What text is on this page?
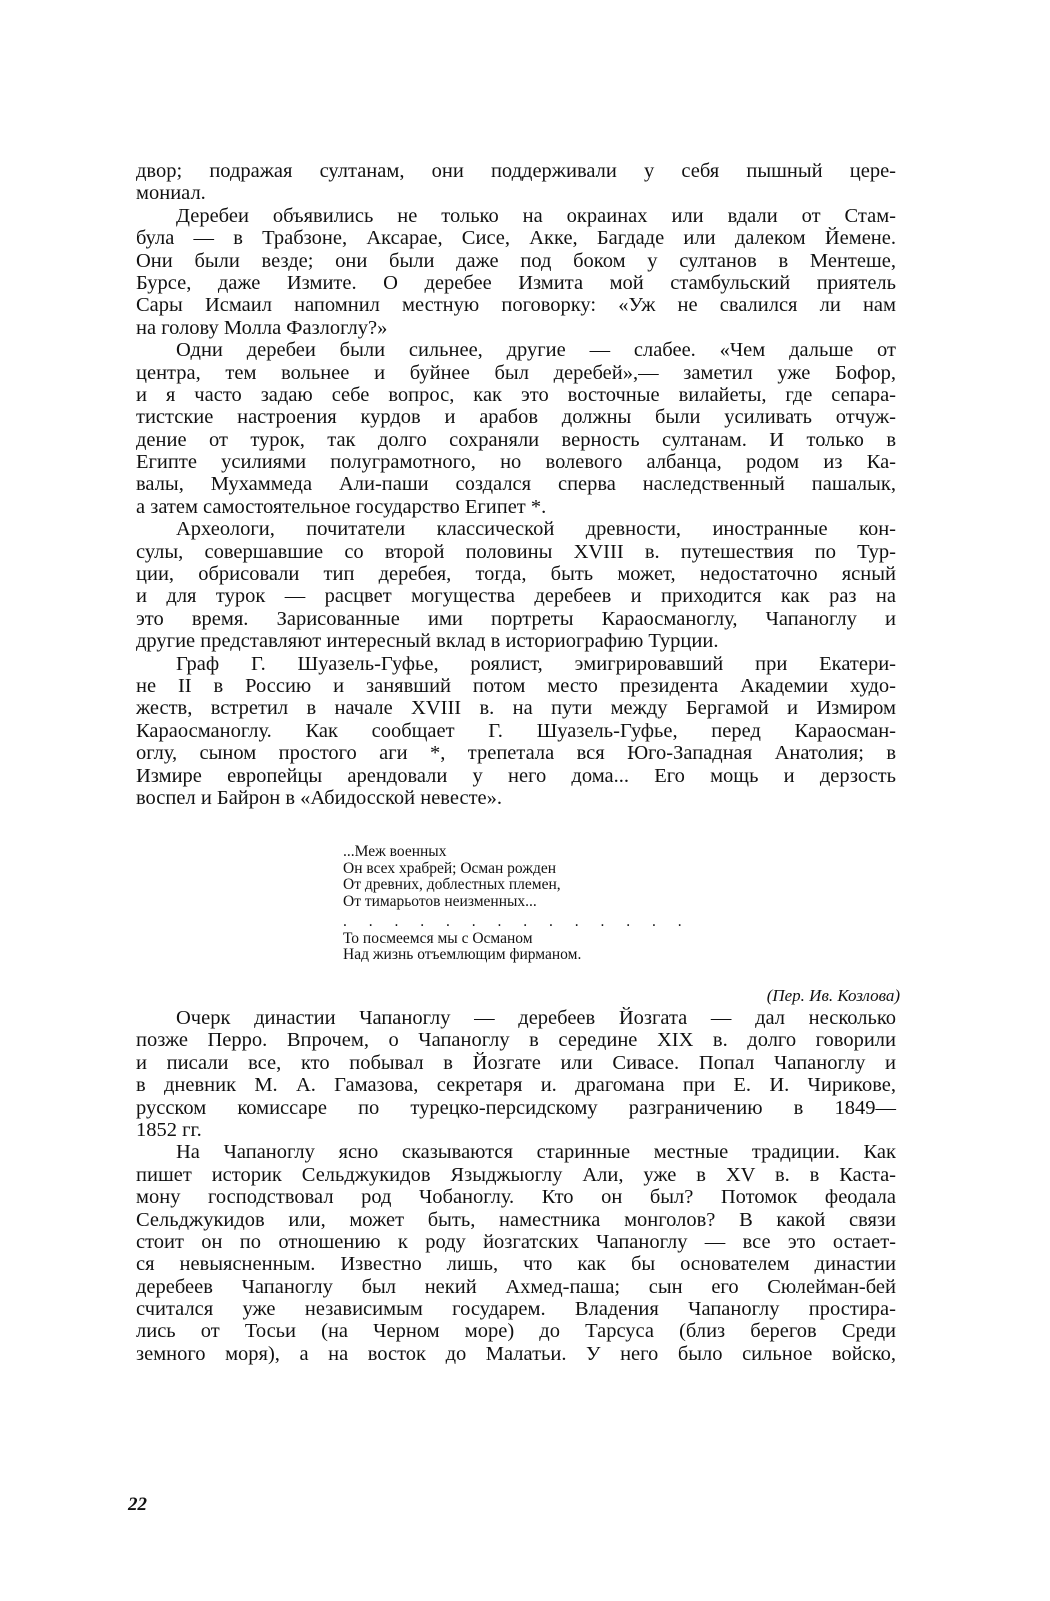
двор; подражая султанам, они поддерживали у себя пышный цере-
мониал.
Деребеи объявились не только на окраинах или вдали от Стам-
була — в Трабзоне, Аксарае, Сисе, Акке, Багдаде или далеком Йемене.
Они были везде; они были даже под боком у султанов в Ментеше,
Бурсе, даже Измите. О деребее Измита мой стамбульский приятель
Сары Исмаил напомнил местную поговорку: «Уж не свалился ли нам
на голову Молла Фазлоглу?»
Одни деребеи были сильнее, другие — слабее. «Чем дальше от
центра, тем вольнее и буйнее был деребей»,— заметил уже Бофор,
и я часто задаю себе вопрос, как это восточные вилайеты, где сепара-
тистские настроения курдов и арабов должны были усиливать отчуж-
дение от турок, так долго сохраняли верность султанам. И только в
Египте усилиями полуграмотного, но волевого албанца, родом из Ка-
валы, Мухаммеда Али-паши создался сперва наследственный пашалык,
а затем самостоятельное государство Египет *.
Археологи, почитатели классической древности, иностранные кон-
сулы, совершавшие со второй половины XVIII в. путешествия по Тур-
ции, обрисовали тип деребея, тогда, быть может, недостаточно ясный
и для турок — расцвет могущества деребеев и приходится как раз на
это время. Зарисованные ими портреты Караосманоглу, Чапаноглу и
другие представляют интересный вклад в историографию Турции.
Граф Г. Шуазель-Гуфье, роялист, эмигрировавший при Екатери-
не II в Россию и занявший потом место президента Академии худо-
жеств, встретил в начале XVIII в. на пути между Бергамой и Измиром
Караосманоглу. Как сообщает Г. Шуазель-Гуфье, перед Караосман-
оглу, сыном простого аги *, трепетала вся Юго-Западная Анатолия; в
Измире европейцы арендовали у него дома... Его мощь и дерзость
воспел и Байрон в «Абидосской невесте».
...Меж военных
Он всех храбрей; Осман рожден
От древних, доблестных племен,
От тимарьотов неизменных...
. . . . . . . . . . . . . .
То посмеемся мы с Османом
Над жизнь отъемлющим фирманом.
(Пер. Ив. Козлова)
Очерк династии Чапаноглу — деребеев Йозгата — дал несколько
позже Перро. Впрочем, о Чапаноглу в середине XIX в. долго говорили
и писали все, кто побывал в Йозгате или Сивасе. Попал Чапаноглу и
в дневник М. А. Гамазова, секретаря и. драгомана при Е. И. Чирикове,
русском комиссаре по турецко-персидскому разграничению в 1849—
1852 гг.
На Чапаноглу ясно сказываются старинные местные традиции. Как
пишет историк Сельджукидов Языджыоглу Али, уже в XV в. в Каста-
мону господствовал род Чобаноглу. Кто он был? Потомок феодала
Сельджукидов или, может быть, наместника монголов? В какой связи
стоит он по отношению к роду йозгатских Чапаноглу — все это остает-
ся невыясненным. Известно лишь, что как бы основателем династии
деребеев Чапаноглу был некий Ахмед-паша; сын его Сюлейман-бей
считался уже независимым государем. Владения Чапаноглу простира-
лись от Тосьи (на Черном море) до Тарсуса (близ берегов Среди
земного моря), а на восток до Малатьи. У него было сильное войско,
22
